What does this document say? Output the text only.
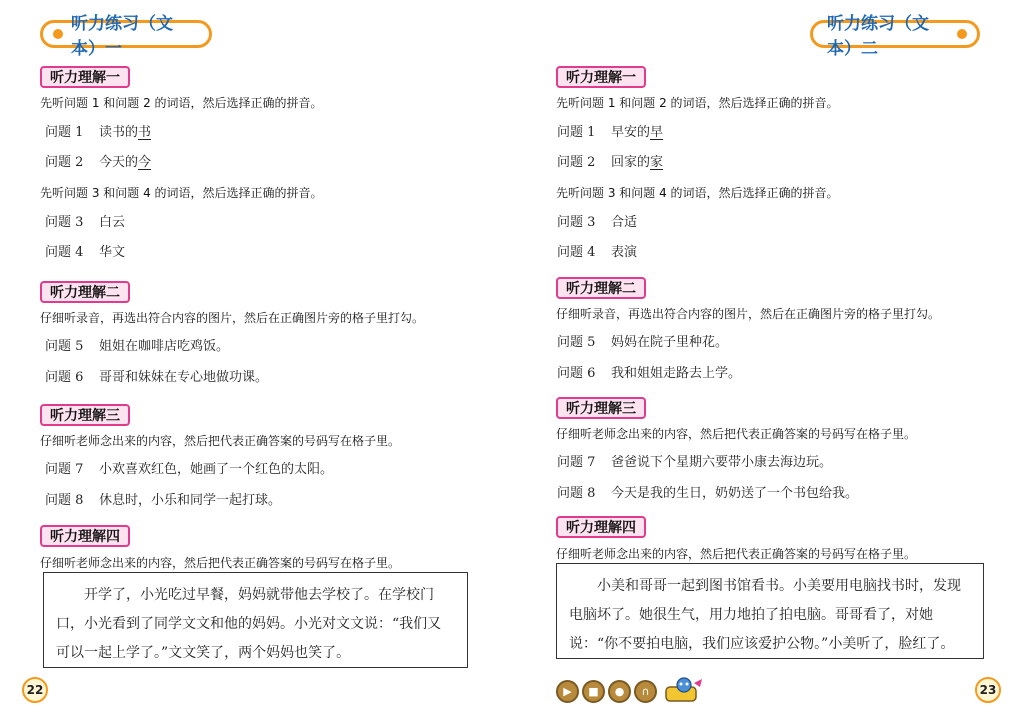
听力练习（文本）一
听力理解一
先听问题 1 和问题 2 的词语，然后选择正确的拼音。
问题 1 读书的书
问题 2 今天的今
先听问题 3 和问题 4 的词语，然后选择正确的拼音。
问题 3 白云
问题 4 华文
听力理解二
仔细听录音，再选出符合内容的图片，然后在正确图片旁的格子里打勾。
问题 5 姐姐在咖啡店吃鸡饭。
问题 6 哥哥和妹妹在专心地做功课。
听力理解三
仔细听老师念出来的内容，然后把代表正确答案的号码写在格子里。
问题 7 小欢喜欢红色，她画了一个红色的太阳。
问题 8 休息时，小乐和同学一起打球。
听力理解四
仔细听老师念出来的内容，然后把代表正确答案的号码写在格子里。
开学了，小光吃过早餐，妈妈就带他去学校了。在学校门口，小光看到了同学文文和他的妈妈。小光对文文说：“我们又可以一起上学了。”文文笑了，两个妈妈也笑了。
22
听力练习（文本）二
听力理解一
先听问题 1 和问题 2 的词语，然后选择正确的拼音。
问题 1 早安的早
问题 2 回家的家
先听问题 3 和问题 4 的词语，然后选择正确的拼音。
问题 3 合适
问题 4 表演
听力理解二
仔细听录音，再选出符合内容的图片，然后在正确图片旁的格子里打勾。
问题 5 妈妈在院子里种花。
问题 6 我和姐姐走路去上学。
听力理解三
仔细听老师念出来的内容，然后把代表正确答案的号码写在格子里。
问题 7 爸爸说下个星期六要带小康去海边玩。
问题 8 今天是我的生日，奶奶送了一个书包给我。
听力理解四
仔细听老师念出来的内容，然后把代表正确答案的号码写在格子里。
小美和哥哥一起到图书馆看书。小美要用电脑找书时，发现电脑坏了。她很生气，用力地拍了拍电脑。哥哥看了，对她说：“你不要拍电脑，我们应该爱护公物。”小美听了，脸红了。
▶	■	●	∩	23
